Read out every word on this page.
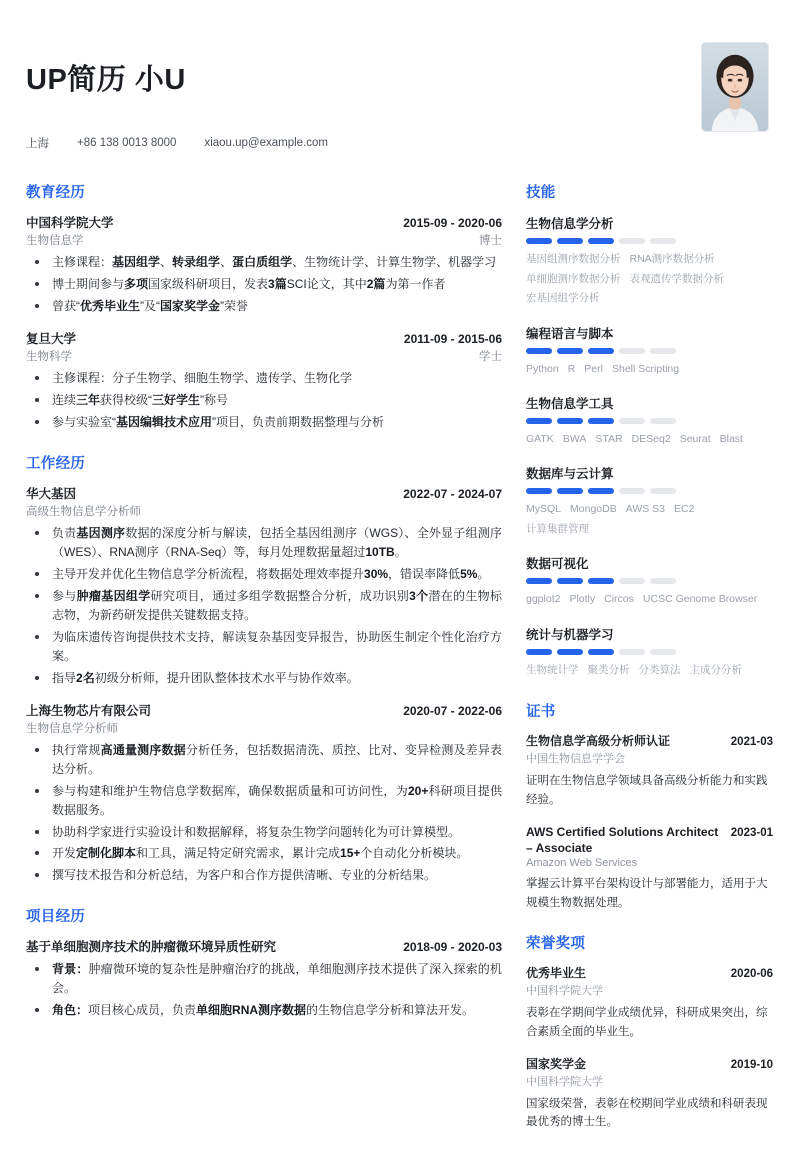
UP简历 小U
上海 +86 138 0013 8000 xiaou.up@example.com
教育经历
中国科学院大学	2015-09 - 2020-06
生物信息学	博士
主修课程：基因组学、转录组学、蛋白质组学、生物统计学、计算生物学、机器学习
博士期间参与多项国家级科研项目，发表3篇SCI论文，其中2篇为第一作者
曾获“优秀毕业生”及“国家奖学金”荣誉
复旦大学	2011-09 - 2015-06
生物科学	学士
主修课程：分子生物学、细胞生物学、遗传学、生物化学
连续三年获得校级“三好学生”称号
参与实验室“基因编辑技术应用”项目，负责前期数据整理与分析
工作经历
华大基因	2022-07 - 2024-07
高级生物信息学分析师
负责基因测序数据的深度分析与解读，包括全基因组测序（WGS）、全外显子组测序（WES）、RNA测序（RNA-Seq）等，每月处理数据量超过10TB。
主导开发并优化生物信息学分析流程，将数据处理效率提升30%，错误率降低5%。
参与肿瘤基因组学研究项目，通过多组学数据整合分析，成功识别3个潜在的生物标志物，为新药研发提供关键数据支持。
为临床遗传咨询提供技术支持，解读复杂基因变异报告，协助医生制定个性化治疗方案。
指导2名初级分析师，提升团队整体技术水平与协作效率。
上海生物芯片有限公司	2020-07 - 2022-06
生物信息学分析师
执行常规高通量测序数据分析任务，包括数据清洗、质控、比对、变异检测及差异表达分析。
参与构建和维护生物信息学数据库，确保数据质量和可访问性，为20+科研项目提供数据服务。
协助科学家进行实验设计和数据解释，将复杂生物学问题转化为可计算模型。
开发定制化脚本和工具，满足特定研究需求，累计完成15+个自动化分析模块。
撰写技术报告和分析总结，为客户和合作方提供清晰、专业的分析结果。
项目经历
基于单细胞测序技术的肿瘤微环境异质性研究	2018-09 - 2020-03
背景：肿瘤微环境的复杂性是肿瘤治疗的挑战，单细胞测序技术提供了深入探索的机会。
角色：项目核心成员，负责单细胞RNA测序数据的生物信息学分析和算法开发。
技能
生物信息学分析
基因组测序数据分析 RNA测序数据分析单细胞测序数据分析 表观遗传学数据分析宏基因组学分析
编程语言与脚本
Python R Perl Shell Scripting
生物信息学工具
GATK BWA STAR DESeq2 Seurat Blast
数据库与云计算
MySQL MongoDB AWS S3 EC2计算集群管理
数据可视化
ggplot2 Plotly Circos UCSC Genome Browser
统计与机器学习
生物统计学 聚类分析 分类算法 主成分分析
证书
生物信息学高级分析师认证	2021-03
中国生物信息学学会
证明在生物信息学领域具备高级分析能力和实践经验。
AWS Certified Solutions Architect – Associate
2023-01
Amazon Web Services
掌握云计算平台架构设计与部署能力，适用于大规模生物数据处理。
荣誉奖项
优秀毕业生	2020-06
中国科学院大学
表彰在学期间学业成绩优异，科研成果突出，综合素质全面的毕业生。
国家奖学金	2019-10
中国科学院大学
国家级荣誉，表彰在校期间学业成绩和科研表现最优秀的博士生。
